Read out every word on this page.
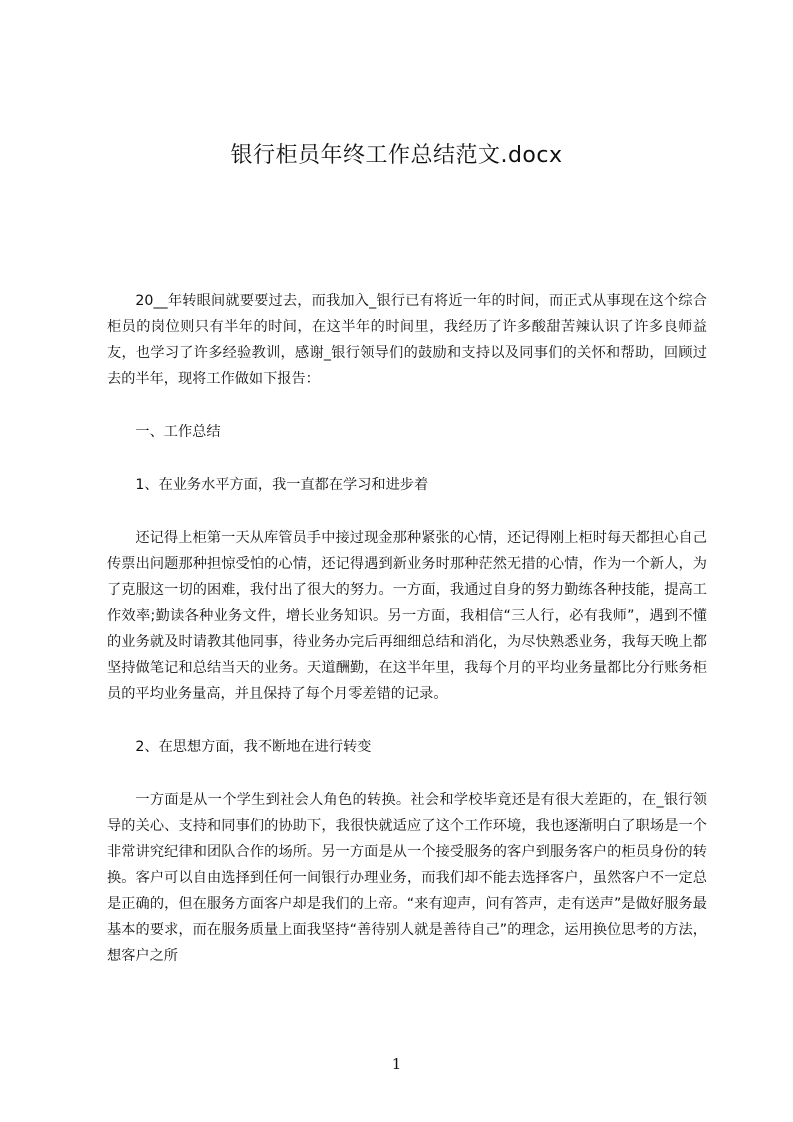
银行柜员年终工作总结范文.docx

20__年转眼间就要要过去，而我加入_银行已有将近一年的时间，而正式从事现在这个综合柜员的岗位则只有半年的时间，在这半年的时间里，我经历了许多酸甜苦辣认识了许多良师益友，也学习了许多经验教训，感谢_银行领导们的鼓励和支持以及同事们的关怀和帮助，回顾过去的半年，现将工作做如下报告：

一、工作总结

1、在业务水平方面，我一直都在学习和进步着

还记得上柜第一天从库管员手中接过现金那种紧张的心情，还记得刚上柜时每天都担心自己传票出问题那种担惊受怕的心情，还记得遇到新业务时那种茫然无措的心情，作为一个新人，为了克服这一切的困难，我付出了很大的努力。一方面，我通过自身的努力勤练各种技能，提高工作效率;勤读各种业务文件，增长业务知识。另一方面，我相信“三人行，必有我师”，遇到不懂的业务就及时请教其他同事，待业务办完后再细细总结和消化，为尽快熟悉业务，我每天晚上都坚持做笔记和总结当天的业务。天道酬勤，在这半年里，我每个月的平均业务量都比分行账务柜员的平均业务量高，并且保持了每个月零差错的记录。

2、在思想方面，我不断地在进行转变

一方面是从一个学生到社会人角色的转换。社会和学校毕竟还是有很大差距的，在_银行领导的关心、支持和同事们的协助下，我很快就适应了这个工作环境，我也逐渐明白了职场是一个非常讲究纪律和团队合作的场所。另一方面是从一个接受服务的客户到服务客户的柜员身份的转换。客户可以自由选择到任何一间银行办理业务，而我们却不能去选择客户，虽然客户不一定总是正确的，但在服务方面客户却是我们的上帝。“来有迎声，问有答声，走有送声”是做好服务最基本的要求，而在服务质量上面我坚持“善待别人就是善待自己”的理念，运用换位思考的方法，想客户之所

1
